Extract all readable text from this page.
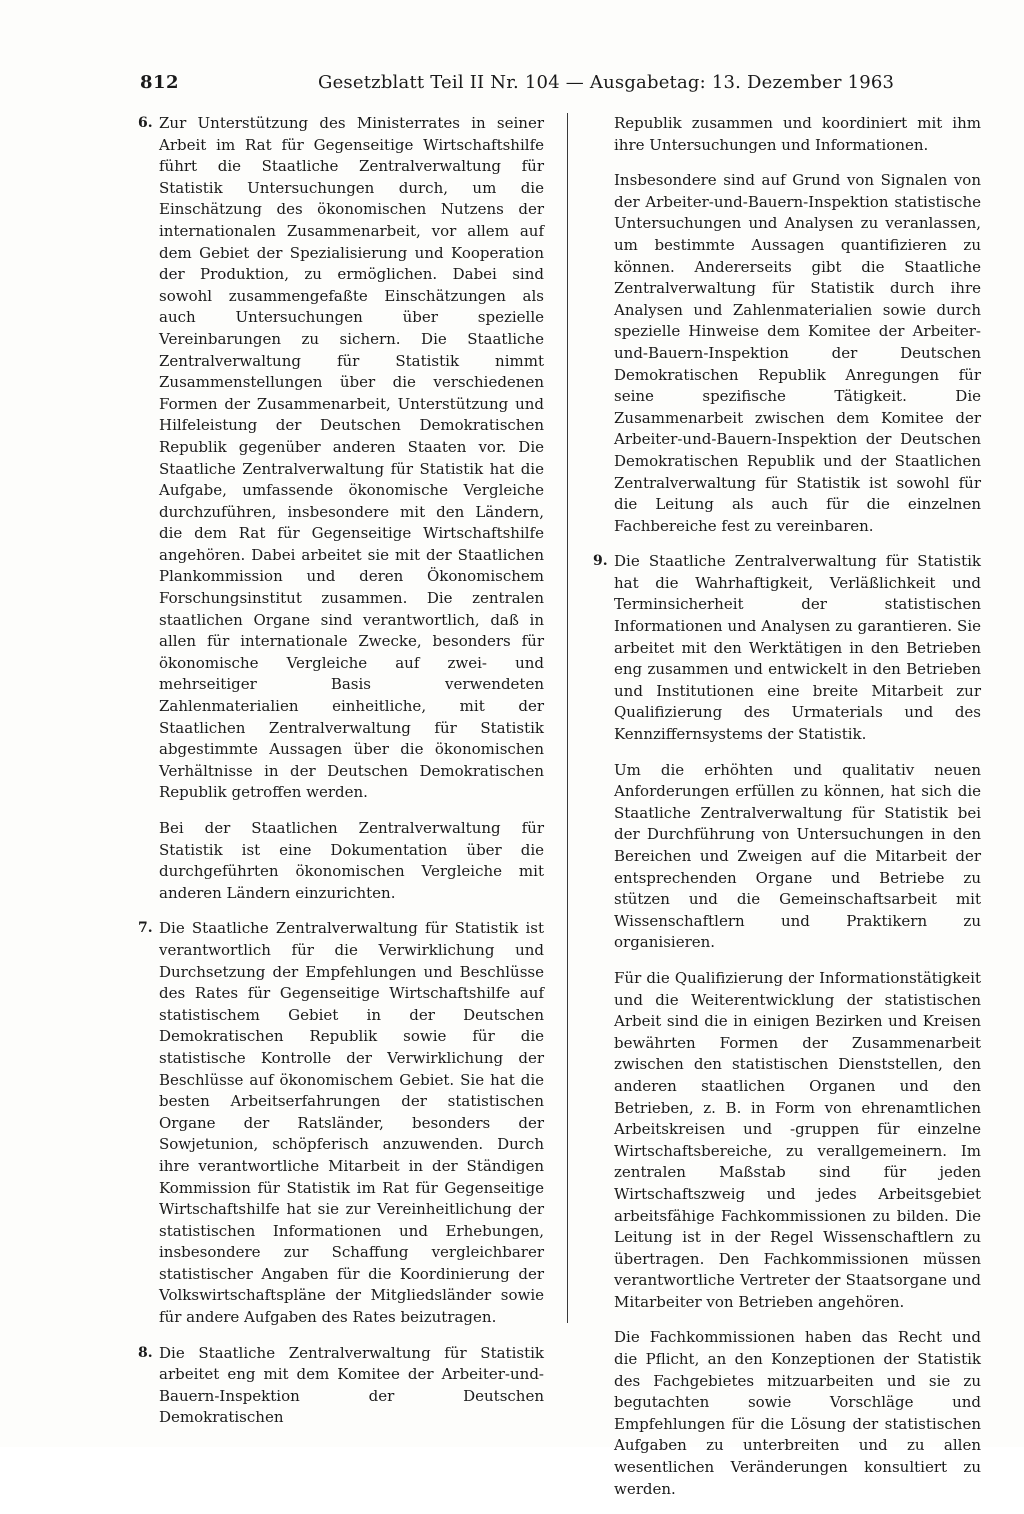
812	Gesetzblatt Teil II Nr. 104 — Ausgabetag: 13. Dezember 1963
6. Zur Unterstützung des Ministerrates in seiner Arbeit im Rat für Gegenseitige Wirtschaftshilfe führt die Staatliche Zentralverwaltung für Statistik Untersuchungen durch, um die Einschätzung des ökonomischen Nutzens der internationalen Zusammenarbeit, vor allem auf dem Gebiet der Spezialisierung und Kooperation der Produktion, zu ermöglichen. Dabei sind sowohl zusammengefaßte Einschätzungen als auch Untersuchungen über spezielle Vereinbarungen zu sichern. Die Staatliche Zentralverwaltung für Statistik nimmt Zusammenstellungen über die verschiedenen Formen der Zusammenarbeit, Unterstützung und Hilfeleistung der Deutschen Demokratischen Republik gegenüber anderen Staaten vor. Die Staatliche Zentralverwaltung für Statistik hat die Aufgabe, umfassende ökonomische Vergleiche durchzuführen, insbesondere mit den Ländern, die dem Rat für Gegenseitige Wirtschaftshilfe angehören. Dabei arbeitet sie mit der Staatlichen Plankommission und deren Ökonomischem Forschungsinstitut zusammen. Die zentralen staatlichen Organe sind verantwortlich, daß in allen für internationale Zwecke, besonders für ökonomische Vergleiche auf zwei- und mehrseitiger Basis verwendeten Zahlenmaterialien einheitliche, mit der Staatlichen Zentralverwaltung für Statistik abgestimmte Aussagen über die ökonomischen Verhältnisse in der Deutschen Demokratischen Republik getroffen werden.

Bei der Staatlichen Zentralverwaltung für Statistik ist eine Dokumentation über die durchgeführten ökonomischen Vergleiche mit anderen Ländern einzurichten.

7. Die Staatliche Zentralverwaltung für Statistik ist verantwortlich für die Verwirklichung und Durchsetzung der Empfehlungen und Beschlüsse des Rates für Gegenseitige Wirtschaftshilfe auf statistischem Gebiet in der Deutschen Demokratischen Republik sowie für die statistische Kontrolle der Verwirklichung der Beschlüsse auf ökonomischem Gebiet. Sie hat die besten Arbeitserfahrungen der statistischen Organe der Ratsländer, besonders der Sowjetunion, schöpferisch anzuwenden. Durch ihre verantwortliche Mitarbeit in der Ständigen Kommission für Statistik im Rat für Gegenseitige Wirtschaftshilfe hat sie zur Vereinheitlichung der statistischen Informationen und Erhebungen, insbesondere zur Schaffung vergleichbarer statistischer Angaben für die Koordinierung der Volkswirtschaftspläne der Mitgliedsländer sowie für andere Aufgaben des Rates beizutragen.

8. Die Staatliche Zentralverwaltung für Statistik arbeitet eng mit dem Komitee der Arbeiter-und-Bauern-Inspektion der Deutschen Demokratischen

Republik zusammen und koordiniert mit ihm ihre Untersuchungen und Informationen.

Insbesondere sind auf Grund von Signalen von der Arbeiter-und-Bauern-Inspektion statistische Untersuchungen und Analysen zu veranlassen, um bestimmte Aussagen quantifizieren zu können. Andererseits gibt die Staatliche Zentralverwaltung für Statistik durch ihre Analysen und Zahlenmaterialien sowie durch spezielle Hinweise dem Komitee der Arbeiter-und-Bauern-Inspektion der Deutschen Demokratischen Republik Anregungen für seine spezifische Tätigkeit. Die Zusammenarbeit zwischen dem Komitee der Arbeiter-und-Bauern-Inspektion der Deutschen Demokratischen Republik und der Staatlichen Zentralverwaltung für Statistik ist sowohl für die Leitung als auch für die einzelnen Fachbereiche fest zu vereinbaren.

9. Die Staatliche Zentralverwaltung für Statistik hat die Wahrhaftigkeit, Verläßlichkeit und Terminsicherheit der statistischen Informationen und Analysen zu garantieren. Sie arbeitet mit den Werktätigen in den Betrieben eng zusammen und entwickelt in den Betrieben und Institutionen eine breite Mitarbeit zur Qualifizierung des Urmaterials und des Kennziffernsystems der Statistik.

Um die erhöhten und qualitativ neuen Anforderungen erfüllen zu können, hat sich die Staatliche Zentralverwaltung für Statistik bei der Durchführung von Untersuchungen in den Bereichen und Zweigen auf die Mitarbeit der entsprechenden Organe und Betriebe zu stützen und die Gemeinschaftsarbeit mit Wissenschaftlern und Praktikern zu organisieren.

Für die Qualifizierung der Informationstätigkeit und die Weiterentwicklung der statistischen Arbeit sind die in einigen Bezirken und Kreisen bewährten Formen der Zusammenarbeit zwischen den statistischen Dienststellen, den anderen staatlichen Organen und den Betrieben, z. B. in Form von ehrenamtlichen Arbeitskreisen und -gruppen für einzelne Wirtschaftsbereiche, zu verallgemeinern. Im zentralen Maßstab sind für jeden Wirtschaftszweig und jedes Arbeitsgebiet arbeitsfähige Fachkommissionen zu bilden. Die Leitung ist in der Regel Wissenschaftlern zu übertragen. Den Fachkommissionen müssen verantwortliche Vertreter der Staatsorgane und Mitarbeiter von Betrieben angehören.

Die Fachkommissionen haben das Recht und die Pflicht, an den Konzeptionen der Statistik des Fachgebietes mitzuarbeiten und sie zu begutachten sowie Vorschläge und Empfehlungen für die Lösung der statistischen Aufgaben zu unterbreiten und zu allen wesentlichen Veränderungen konsultiert zu werden.
